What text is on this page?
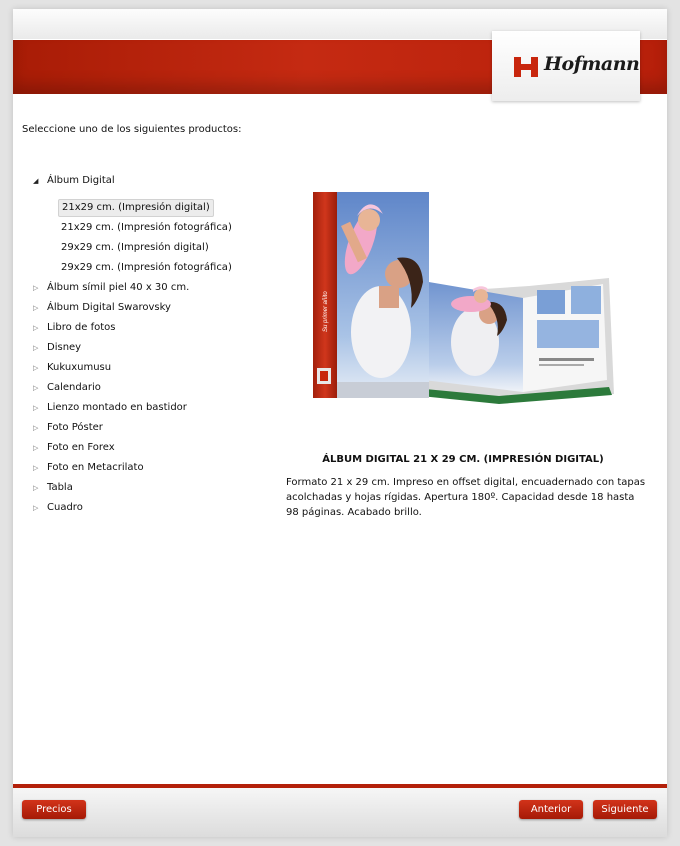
Hofmann
Seleccione uno de los siguientes productos:
◢ Álbum Digital
21x29 cm. (Impresión digital)
21x29 cm. (Impresión fotográfica)
29x29 cm. (Impresión digital)
29x29 cm. (Impresión fotográfica)
▷ Álbum símil piel 40 x 30 cm.
▷ Álbum Digital Swarovsky
▷ Libro de fotos
▷ Disney
▷ Kukuxumusu
▷ Calendario
▷ Lienzo montado en bastidor
▷ Foto Póster
▷ Foto en Forex
▷ Foto en Metacrilato
▷ Tabla
▷ Cuadro
Su primer añito
ÁLBUM DIGITAL 21 X 29 CM. (IMPRESIÓN DIGITAL)
Formato 21 x 29 cm. Impreso en offset digital, encuadernado con tapas acolchadas y hojas rígidas. Apertura 180º. Capacidad desde 18 hasta 98 páginas. Acabado brillo.
Precios	Anterior	Siguiente
